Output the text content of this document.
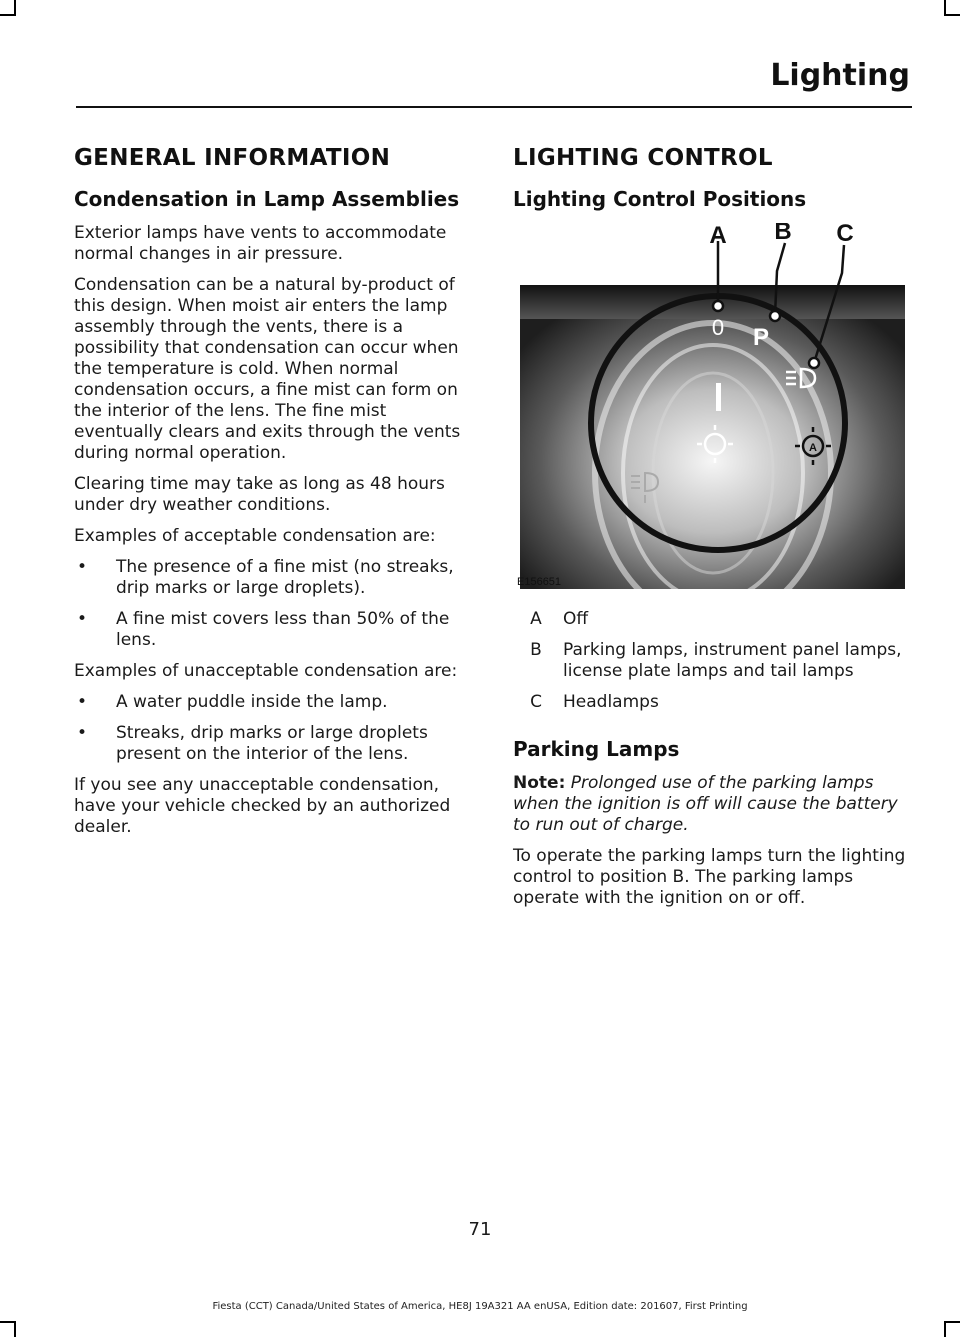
Lighting
GENERAL INFORMATION
Condensation in Lamp Assemblies

Exterior lamps have vents to accommodate normal changes in air pressure.

Condensation can be a natural by-product of this design. When moist air enters the lamp assembly through the vents, there is a possibility that condensation can occur when the temperature is cold. When normal condensation occurs, a fine mist can form on the interior of the lens. The fine mist eventually clears and exits through the vents during normal operation.

Clearing time may take as long as 48 hours under dry weather conditions.

Examples of acceptable condensation are:

• The presence of a fine mist (no streaks, drip marks or large droplets).
• A fine mist covers less than 50% of the lens.

Examples of unacceptable condensation are:

• A water puddle inside the lamp.
• Streaks, drip marks or large droplets present on the interior of the lens.

If you see any unacceptable condensation, have your vehicle checked by an authorized dealer.

LIGHTING CONTROL
Lighting Control Positions
A B C
0 P
A
E156651
A	Off
B	Parking lamps, instrument panel lamps, license plate lamps and tail lamps
C	Headlamps
Parking Lamps

Note: Prolonged use of the parking lamps when the ignition is off will cause the battery to run out of charge.

To operate the parking lamps turn the lighting control to position B. The parking lamps operate with the ignition on or off.

71
Fiesta (CCT) Canada/United States of America, HE8J 19A321 AA enUSA, Edition date: 201607, First Printing
